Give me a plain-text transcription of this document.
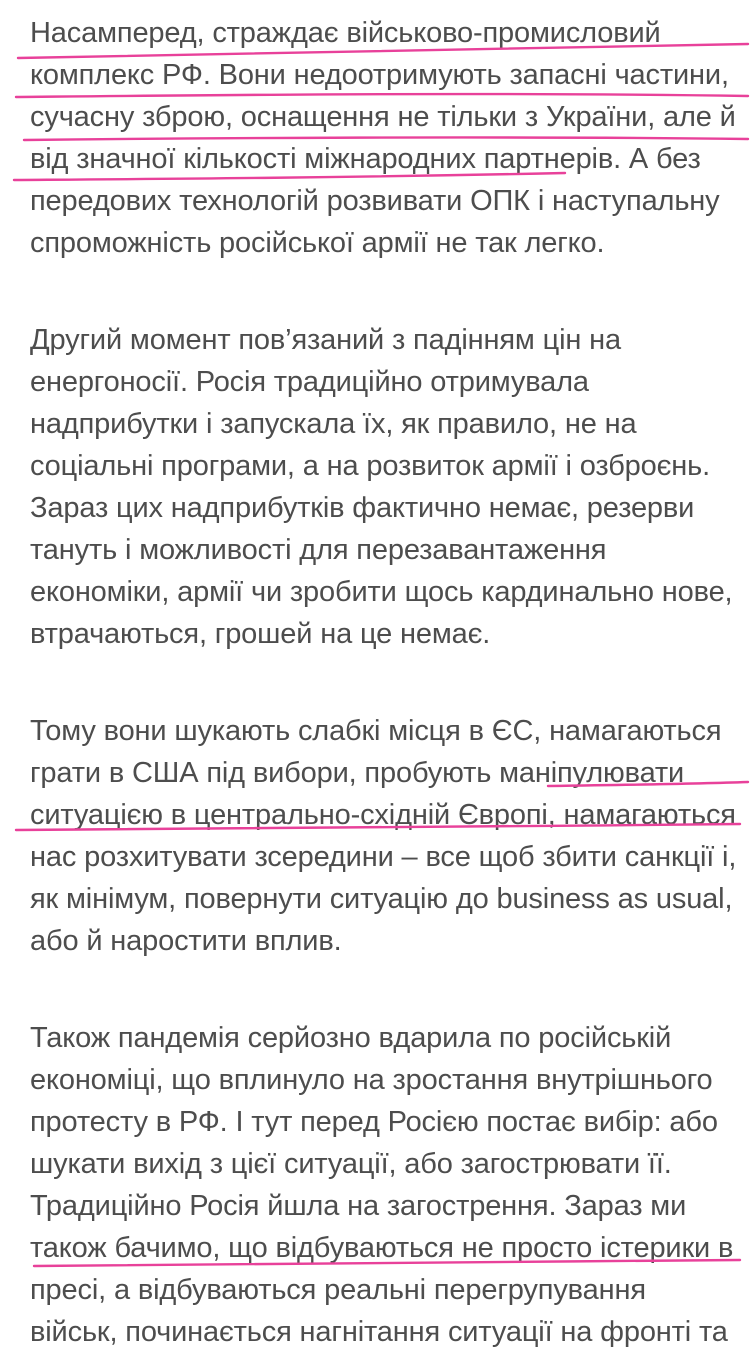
Насамперед, страждає військово-промисловий
комплекс РФ. Вони недоотримують запасні частини,
сучасну зброю, оснащення не тільки з України, але й
від значної кількості міжнародних партнерів. А без
передових технологій розвивати ОПК і наступальну
спроможність російської армії не так легко.
Другий момент пов’язаний з падінням цін на
енергоносії. Росія традиційно отримувала
надприбутки і запускала їх, як правило, не на
соціальні програми, а на розвиток армії і озброєнь.
Зараз цих надприбутків фактично немає, резерви
тануть і можливості для перезавантаження
економіки, армії чи зробити щось кардинально нове,
втрачаються, грошей на це немає.
Тому вони шукають слабкі місця в ЄС, намагаються
грати в США під вибори, пробують маніпулювати
ситуацією в центрально-східній Європі, намагаються
нас розхитувати зсередини – все щоб збити санкції і,
як мінімум, повернути ситуацію до business as usual,
або й наростити вплив.
Також пандемія серйозно вдарила по російській
економіці, що вплинуло на зростання внутрішнього
протесту в РФ. І тут перед Росією постає вибір: або
шукати вихід з цієї ситуації, або загострювати її.
Традиційно Росія йшла на загострення. Зараз ми
також бачимо, що відбуваються не просто істерики в
пресі, а відбуваються реальні перегрупування
військ, починається нагнітання ситуації на фронті та
